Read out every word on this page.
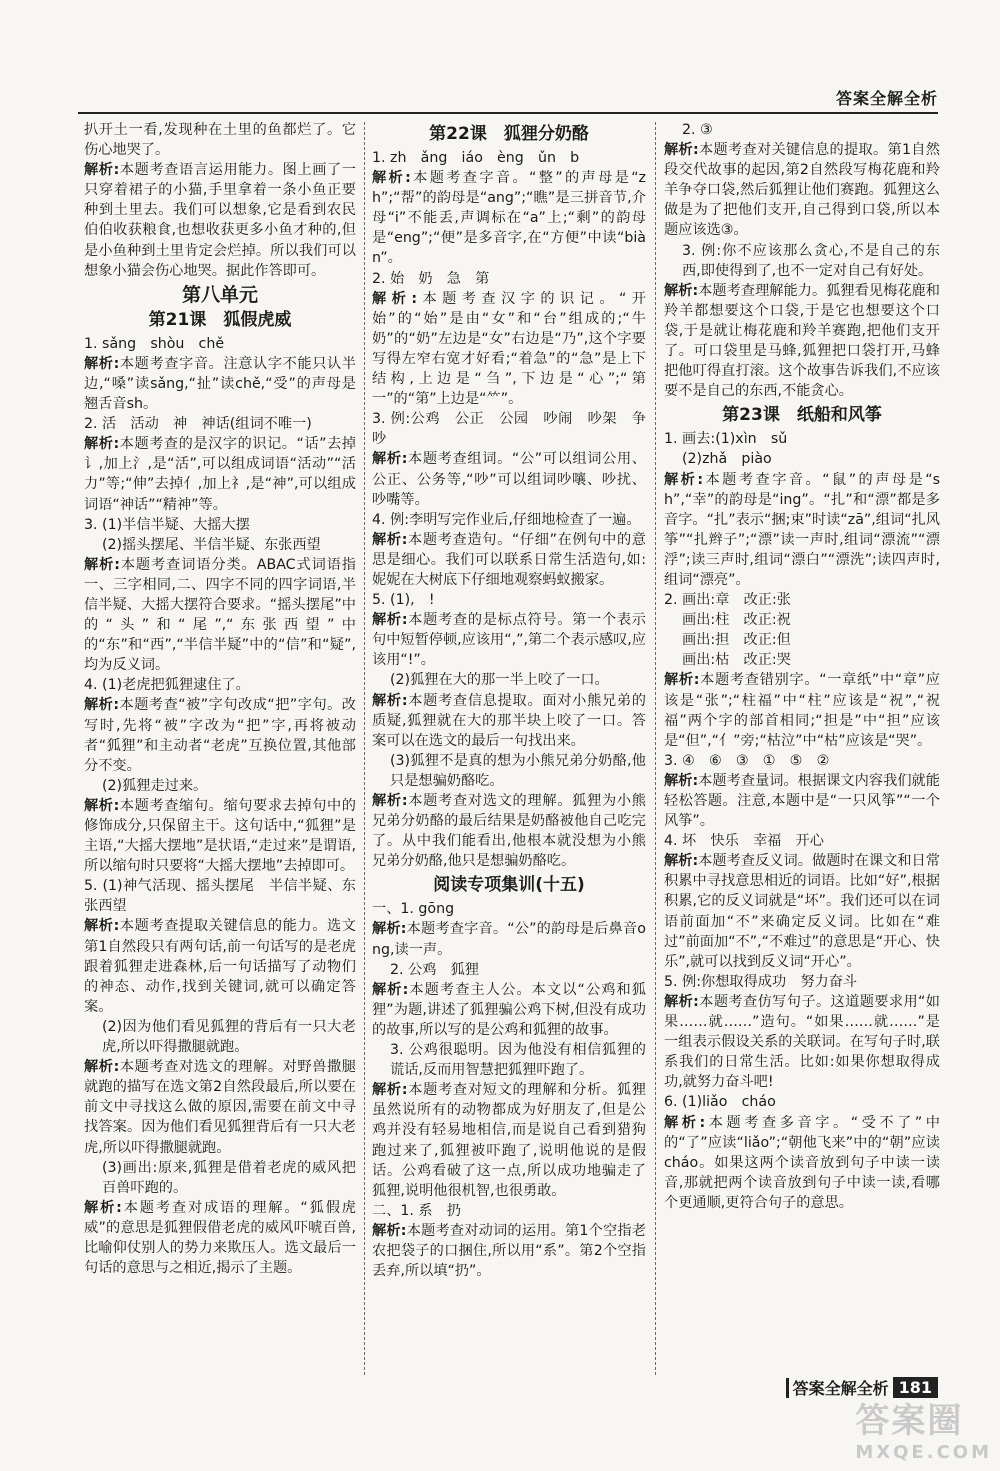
答案全解全析

扒开土一看,发现种在土里的鱼都烂了。它伤心地哭了。

解析:本题考查语言运用能力。图上画了一只穿着裙子的小猫,手里拿着一条小鱼正要种到土里去。我们可以想象,它是看到农民伯伯收获粮食,也想收获更多小鱼才种的,但是小鱼种到土里肯定会烂掉。所以我们可以想象小猫会伤心地哭。据此作答即可。

第八单元
第21课　狐假虎威

1. sǎng　shòu　chě

解析:本题考查字音。注意认字不能只认半边,“嗓”读sǎng,“扯”读chě,“受”的声母是翘舌音sh。

2. 活　活动　神　神话(组词不唯一)

解析:本题考查的是汉字的识记。“话”去掉讠,加上氵,是“活”,可以组成词语“活动”“活力”等;“伸”去掉亻,加上礻,是“神”,可以组成词语“神话”“精神”等。

3. (1)半信半疑、大摇大摆

(2)摇头摆尾、半信半疑、东张西望

解析:本题考查词语分类。ABAC式词语指一、三字相同,二、四字不同的四字词语,半信半疑、大摇大摆符合要求。“摇头摆尾”中的“头”和“尾”,“东张西望”中的“东”和“西”,“半信半疑”中的“信”和“疑”,均为反义词。

4. (1)老虎把狐狸逮住了。

解析:本题考查“被”字句改成“把”字句。改写时,先将“被”字改为“把”字,再将被动者“狐狸”和主动者“老虎”互换位置,其他部分不变。

(2)狐狸走过来。

解析:本题考查缩句。缩句要求去掉句中的修饰成分,只保留主干。这句话中,“狐狸”是主语,“大摇大摆地”是状语,“走过来”是谓语,所以缩句时只要将“大摇大摆地”去掉即可。

5. (1)神气活现、摇头摆尾　半信半疑、东张西望

解析:本题考查提取关键信息的能力。选文第1自然段只有两句话,前一句话写的是老虎跟着狐狸走进森林,后一句话描写了动物们的神态、动作,找到关键词,就可以确定答案。

(2)因为他们看见狐狸的背后有一只大老虎,所以吓得撒腿就跑。

解析:本题考查对选文的理解。对野兽撒腿就跑的描写在选文第2自然段最后,所以要在前文中寻找这么做的原因,需要在前文中寻找答案。因为他们看见狐狸背后有一只大老虎,所以吓得撒腿就跑。

(3)画出:原来,狐狸是借着老虎的威风把百兽吓跑的。

解析:本题考查对成语的理解。“狐假虎威”的意思是狐狸假借老虎的威风吓唬百兽,比喻仰仗别人的势力来欺压人。选文最后一句话的意思与之相近,揭示了主题。

第22课　狐狸分奶酪

1. zh　ǎng　iáo　èng　ǔn　b

解析:本题考查字音。“整”的声母是“zh”;“帮”的韵母是“ang”;“瞧”是三拼音节,介母“i”不能丢,声调标在“a”上;“剩”的韵母是“eng”;“便”是多音字,在“方便”中读“biàn”。

2. 始　奶　急　第

解析:本题考查汉字的识记。“开始”的“始”是由“女”和“台”组成的;“牛奶”的“奶”左边是“女”右边是“乃”,这个字要写得左窄右宽才好看;“着急”的“急”是上下结构,上边是“刍”,下边是“心”;“第一”的“第”上边是“⺮”。

3. 例:公鸡　公正　公园　吵闹　吵架　争吵

解析:本题考查组词。“公”可以组词公用、公正、公务等,“吵”可以组词吵嚷、吵扰、吵嘴等。

4. 例:李明写完作业后,仔细地检查了一遍。

解析:本题考查造句。“仔细”在例句中的意思是细心。我们可以联系日常生活造句,如:妮妮在大树底下仔细地观察蚂蚁搬家。

5. (1),　!

解析:本题考查的是标点符号。第一个表示句中短暂停顿,应该用“,”,第二个表示感叹,应该用“!”。

(2)狐狸在大的那一半上咬了一口。

解析:本题考查信息提取。面对小熊兄弟的质疑,狐狸就在大的那半块上咬了一口。答案可以在选文的最后一句找出来。

(3)狐狸不是真的想为小熊兄弟分奶酪,他只是想骗奶酪吃。

解析:本题考查对选文的理解。狐狸为小熊兄弟分奶酪的最后结果是奶酪被他自己吃完了。从中我们能看出,他根本就没想为小熊兄弟分奶酪,他只是想骗奶酪吃。

阅读专项集训(十五)

一、1. gōng

解析:本题考查字音。“公”的韵母是后鼻音ong,读一声。

2. 公鸡　狐狸

解析:本题考查主人公。本文以“公鸡和狐狸”为题,讲述了狐狸骗公鸡下树,但没有成功的故事,所以写的是公鸡和狐狸的故事。

3. 公鸡很聪明。因为他没有相信狐狸的谎话,反而用智慧把狐狸吓跑了。

解析:本题考查对短文的理解和分析。狐狸虽然说所有的动物都成为好朋友了,但是公鸡并没有轻易地相信,而是说自己看到猎狗跑过来了,狐狸被吓跑了,说明他说的是假话。公鸡看破了这一点,所以成功地骗走了狐狸,说明他很机智,也很勇敢。

二、1. 系　扔

解析:本题考查对动词的运用。第1个空指老农把袋子的口捆住,所以用“系”。第2个空指丢弃,所以填“扔”。

2. ③

解析:本题考查对关键信息的提取。第1自然段交代故事的起因,第2自然段写梅花鹿和羚羊争夺口袋,然后狐狸让他们赛跑。狐狸这么做是为了把他们支开,自己得到口袋,所以本题应该选③。

3. 例:你不应该那么贪心,不是自己的东西,即使得到了,也不一定对自己有好处。

解析:本题考查理解能力。狐狸看见梅花鹿和羚羊都想要这个口袋,于是它也想要这个口袋,于是就让梅花鹿和羚羊赛跑,把他们支开了。可口袋里是马蜂,狐狸把口袋打开,马蜂把他叮得直打滚。这个故事告诉我们,不应该要不是自己的东西,不能贪心。

第23课　纸船和风筝

1. 画去:(1)xìn　sǔ

(2)zhǎ　piào

解析:本题考查字音。“鼠”的声母是“sh”,“幸”的韵母是“ing”。“扎”和“漂”都是多音字。“扎”表示“捆;束”时读“zā”,组词“扎风筝”“扎辫子”;“漂”读一声时,组词“漂流”“漂浮”;读三声时,组词“漂白”“漂洗”;读四声时,组词“漂亮”。

2. 画出:章　改正:张

画出:柱　改正:祝

画出:担　改正:但

画出:枯　改正:哭

解析:本题考查错别字。“一章纸”中“章”应该是“张”;“柱福”中“柱”应该是“祝”,“祝福”两个字的部首相同;“担是”中“担”应该是“但”,“亻”旁;“枯泣”中“枯”应该是“哭”。

3. ④　⑥　③　①　⑤　②

解析:本题考查量词。根据课文内容我们就能轻松答题。注意,本题中是“一只风筝”“一个风筝”。

4. 坏　快乐　幸福　开心

解析:本题考查反义词。做题时在课文和日常积累中寻找意思相近的词语。比如“好”,根据积累,它的反义词就是“坏”。我们还可以在词语前面加“不”来确定反义词。比如在“难过”前面加“不”,“不难过”的意思是“开心、快乐”,就可以找到反义词“开心”。

5. 例:你想取得成功　努力奋斗

解析:本题考查仿写句子。这道题要求用“如果……就……”造句。“如果……就……”是一组表示假设关系的关联词。在写句子时,联系我们的日常生活。比如:如果你想取得成功,就努力奋斗吧!

6. (1)liǎo　cháo

解析:本题考查多音字。“受不了”中的“了”应读“liǎo”;“朝他飞来”中的“朝”应读cháo。如果这两个读音放到句子中读一读音,那就把两个读音放到句子中读一读,看哪个更通顺,更符合句子的意思。

答案全解全析 181
答案圈
MXQE.COM
